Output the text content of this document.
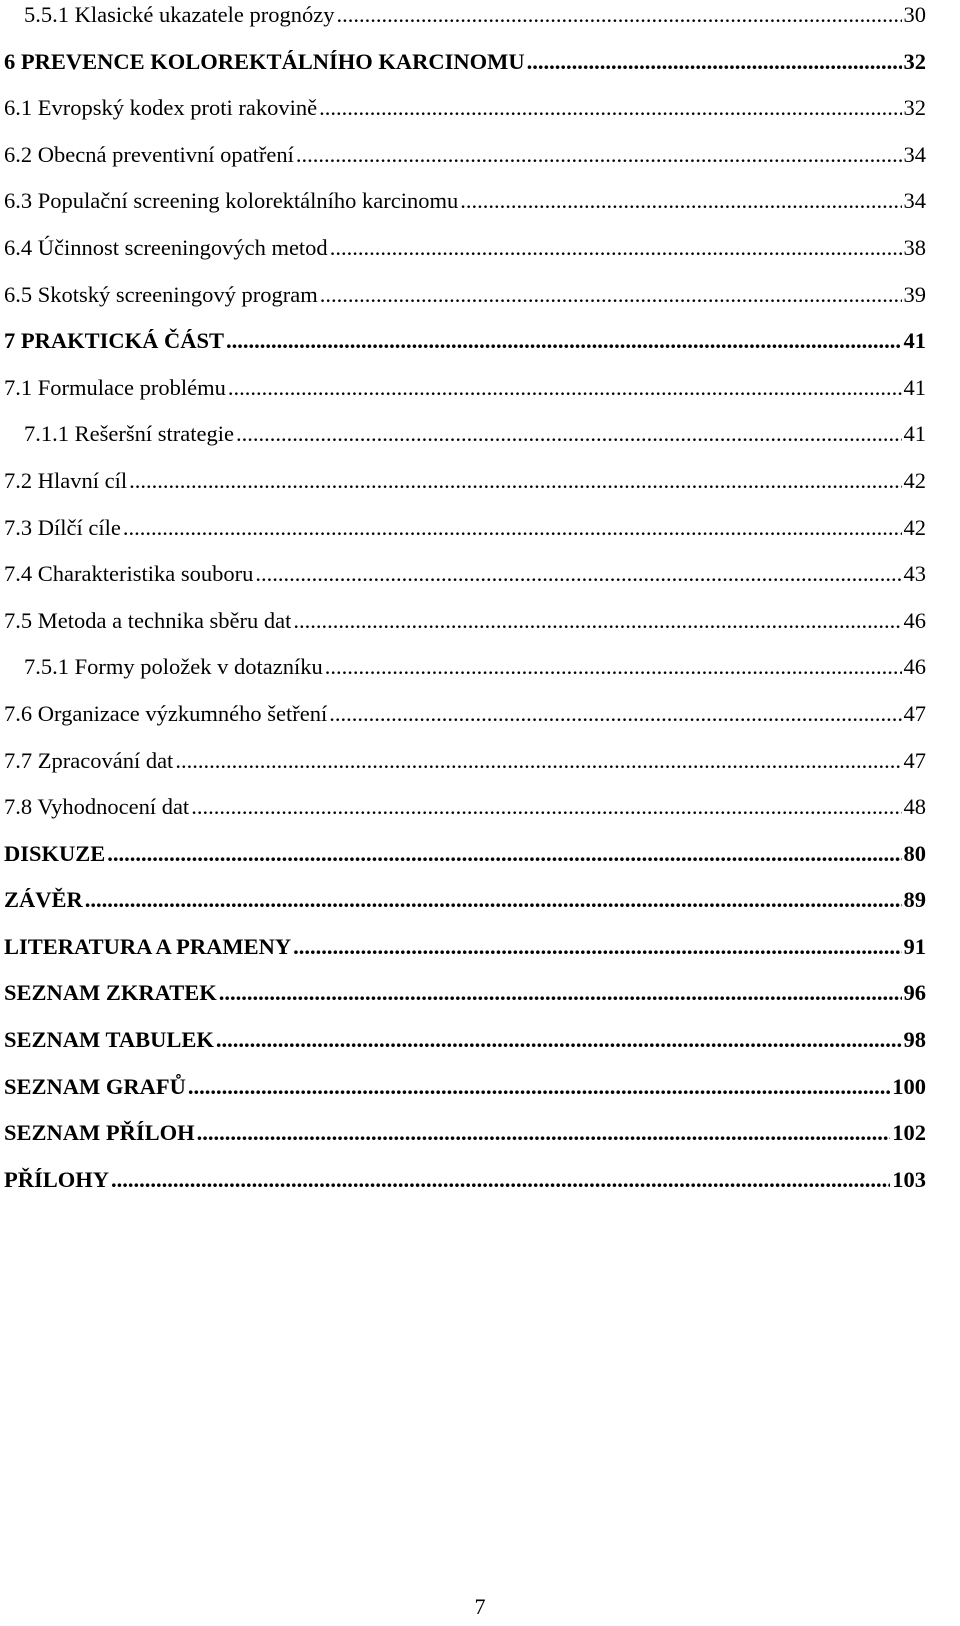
5.5.1 Klasické ukazatele prognózy .....	30
6 PREVENCE KOLOREKTÁLNÍHO KARCINOMU .....	32
6.1 Evropský kodex proti rakovině .....	32
6.2 Obecná preventivní opatření .....	34
6.3 Populační screening kolorektálního karcinomu .....	34
6.4 Účinnost screeningových metod .....	38
6.5 Skotský screeningový program .....	39
7 PRAKTICKÁ ČÁST .....	41
7.1 Formulace problému .....	41
7.1.1 Rešeršní strategie .....	41
7.2 Hlavní cíl .....	42
7.3 Dílčí cíle .....	42
7.4 Charakteristika souboru .....	43
7.5 Metoda a technika sběru dat .....	46
7.5.1 Formy položek v dotazníku .....	46
7.6 Organizace výzkumného šetření .....	47
7.7 Zpracování dat .....	47
7.8 Vyhodnocení dat .....	48
DISKUZE .....	80
ZÁVĚR .....	89
LITERATURA A PRAMENY .....	91
SEZNAM ZKRATEK .....	96
SEZNAM TABULEK .....	98
SEZNAM GRAFŮ .....	100
SEZNAM PŘÍLOH .....	102
PŘÍLOHY .....	103
7
